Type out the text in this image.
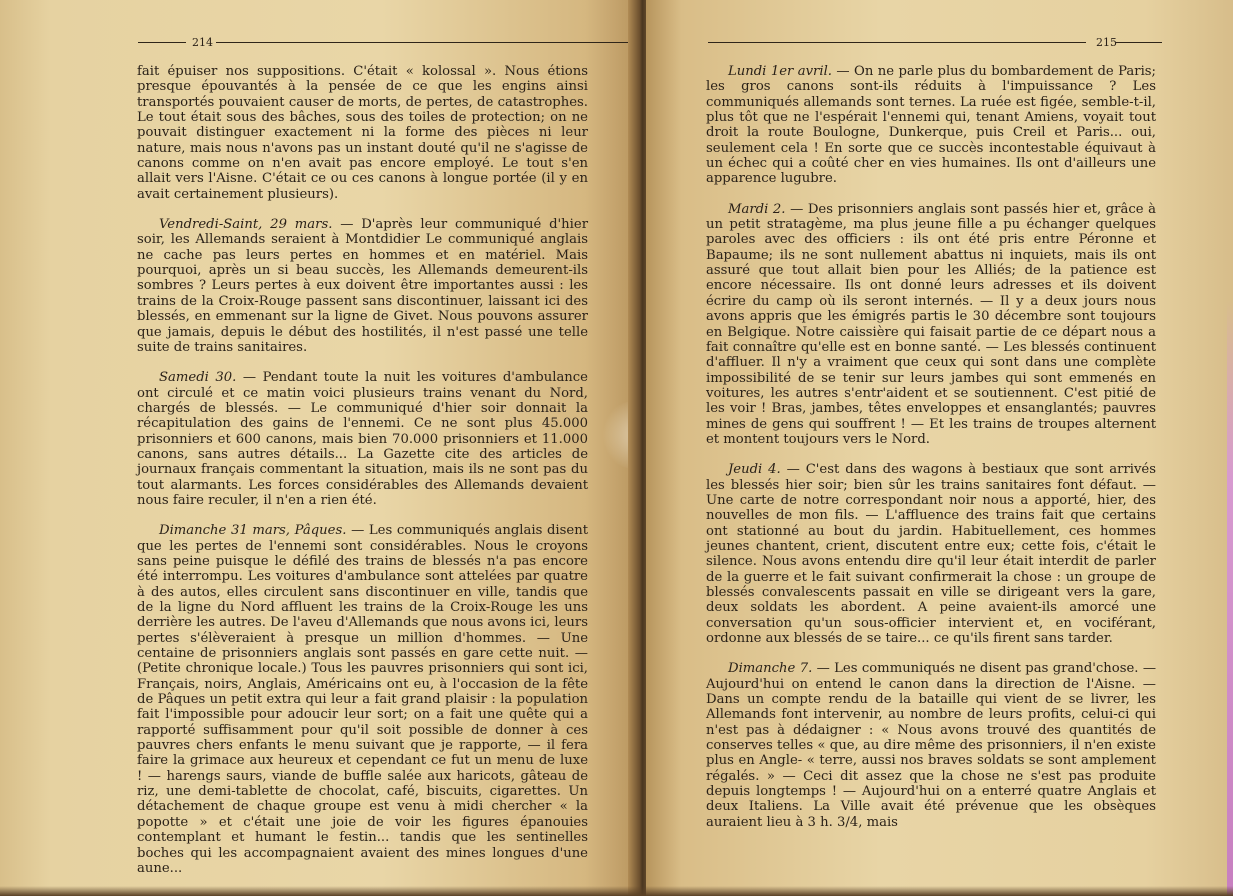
214

fait épuiser nos suppositions. C'était « kolossal ». Nous étions presque épouvantés à la pensée de ce que les engins ainsi transportés pouvaient causer de morts, de pertes, de catastrophes. Le tout était sous des bâches, sous des toiles de protection; on ne pouvait distinguer exactement ni la forme des pièces ni leur nature, mais nous n'avons pas un instant douté qu'il ne s'agisse de canons comme on n'en avait pas encore employé. Le tout s'en allait vers l'Aisne. C'était ce ou ces canons à longue portée (il y en avait certainement plusieurs).

Vendredi-Saint, 29 mars. — D'après leur communiqué d'hier soir, les Allemands seraient à Montdidier Le communiqué anglais ne cache pas leurs pertes en hommes et en matériel. Mais pourquoi, après un si beau succès, les Allemands demeurent-ils sombres ? Leurs pertes à eux doivent être importantes aussi : les trains de la Croix-Rouge passent sans discontinuer, laissant ici des blessés, en emmenant sur la ligne de Givet. Nous pouvons assurer que jamais, depuis le début des hostilités, il n'est passé une telle suite de trains sanitaires.

Samedi 30. — Pendant toute la nuit les voitures d'ambulance ont circulé et ce matin voici plusieurs trains venant du Nord, chargés de blessés. — Le communiqué d'hier soir donnait la récapitulation des gains de l'ennemi. Ce ne sont plus 45.000 prisonniers et 600 canons, mais bien 70.000 prisonniers et 11.000 canons, sans autres détails... La Gazette cite des articles de journaux français commentant la situation, mais ils ne sont pas du tout alarmants. Les forces considérables des Allemands devaient nous faire reculer, il n'en a rien été.

Dimanche 31 mars, Pâques. — Les communiqués anglais disent que les pertes de l'ennemi sont considérables. Nous le croyons sans peine puisque le défilé des trains de blessés n'a pas encore été interrompu. Les voitures d'ambulance sont attelées par quatre à des autos, elles circulent sans discontinuer en ville, tandis que de la ligne du Nord affluent les trains de la Croix-Rouge les uns derrière les autres. De l'aveu d'Allemands que nous avons ici, leurs pertes s'élèveraient à presque un million d'hommes. — Une centaine de prisonniers anglais sont passés en gare cette nuit. — (Petite chronique locale.) Tous les pauvres prisonniers qui sont ici, Français, noirs, Anglais, Américains ont eu, à l'occasion de la fête de Pâques un petit extra qui leur a fait grand plaisir : la population fait l'impossible pour adoucir leur sort; on a fait une quête qui a rapporté suffisamment pour qu'il soit possible de donner à ces pauvres chers enfants le menu suivant que je rapporte, — il fera faire la grimace aux heureux et cependant ce fut un menu de luxe ! — harengs saurs, viande de buffle salée aux haricots, gâteau de riz, une demi-tablette de chocolat, café, biscuits, cigarettes. Un détachement de chaque groupe est venu à midi chercher « la popotte » et c'était une joie de voir les figures épanouies contemplant et humant le festin... tandis que les sentinelles boches qui les accompagnaient avaient des mines longues d'une aune...

215

Lundi 1er avril. — On ne parle plus du bombardement de Paris; les gros canons sont-ils réduits à l'impuissance ? Les communiqués allemands sont ternes. La ruée est figée, semble-t-il, plus tôt que ne l'espérait l'ennemi qui, tenant Amiens, voyait tout droit la route Boulogne, Dunkerque, puis Creil et Paris... oui, seulement cela ! En sorte que ce succès incontestable équivaut à un échec qui a coûté cher en vies humaines. Ils ont d'ailleurs une apparence lugubre.

Mardi 2. — Des prisonniers anglais sont passés hier et, grâce à un petit stratagème, ma plus jeune fille a pu échanger quelques paroles avec des officiers : ils ont été pris entre Péronne et Bapaume; ils ne sont nullement abattus ni inquiets, mais ils ont assuré que tout allait bien pour les Alliés; de la patience est encore nécessaire. Ils ont donné leurs adresses et ils doivent écrire du camp où ils seront internés. — Il y a deux jours nous avons appris que les émigrés partis le 30 décembre sont toujours en Belgique. Notre caissière qui faisait partie de ce départ nous a fait connaître qu'elle est en bonne santé. — Les blessés continuent d'affluer. Il n'y a vraiment que ceux qui sont dans une complète impossibilité de se tenir sur leurs jambes qui sont emmenés en voitures, les autres s'entr'aident et se soutiennent. C'est pitié de les voir ! Bras, jambes, têtes enveloppes et ensanglantés; pauvres mines de gens qui souffrent ! — Et les trains de troupes alternent et montent toujours vers le Nord.

Jeudi 4. — C'est dans des wagons à bestiaux que sont arrivés les blessés hier soir; bien sûr les trains sanitaires font défaut. — Une carte de notre correspondant noir nous a apporté, hier, des nouvelles de mon fils. — L'affluence des trains fait que certains ont stationné au bout du jardin. Habituellement, ces hommes jeunes chantent, crient, discutent entre eux; cette fois, c'était le silence. Nous avons entendu dire qu'il leur était interdit de parler de la guerre et le fait suivant confirmerait la chose : un groupe de blessés convalescents passait en ville se dirigeant vers la gare, deux soldats les abordent. A peine avaient-ils amorcé une conversation qu'un sous-officier intervient et, en vociférant, ordonne aux blessés de se taire... ce qu'ils firent sans tarder.

Dimanche 7. — Les communiqués ne disent pas grand'chose. — Aujourd'hui on entend le canon dans la direction de l'Aisne. — Dans un compte rendu de la bataille qui vient de se livrer, les Allemands font intervenir, au nombre de leurs profits, celui-ci qui n'est pas à dédaigner : « Nous avons trouvé des quantités de conserves telles « que, au dire même des prisonniers, il n'en existe plus en Angle- « terre, aussi nos braves soldats se sont amplement régalés. » — Ceci dit assez que la chose ne s'est pas produite depuis longtemps ! — Aujourd'hui on a enterré quatre Anglais et deux Italiens. La Ville avait été prévenue que les obsèques auraient lieu à 3 h. 3/4, mais
